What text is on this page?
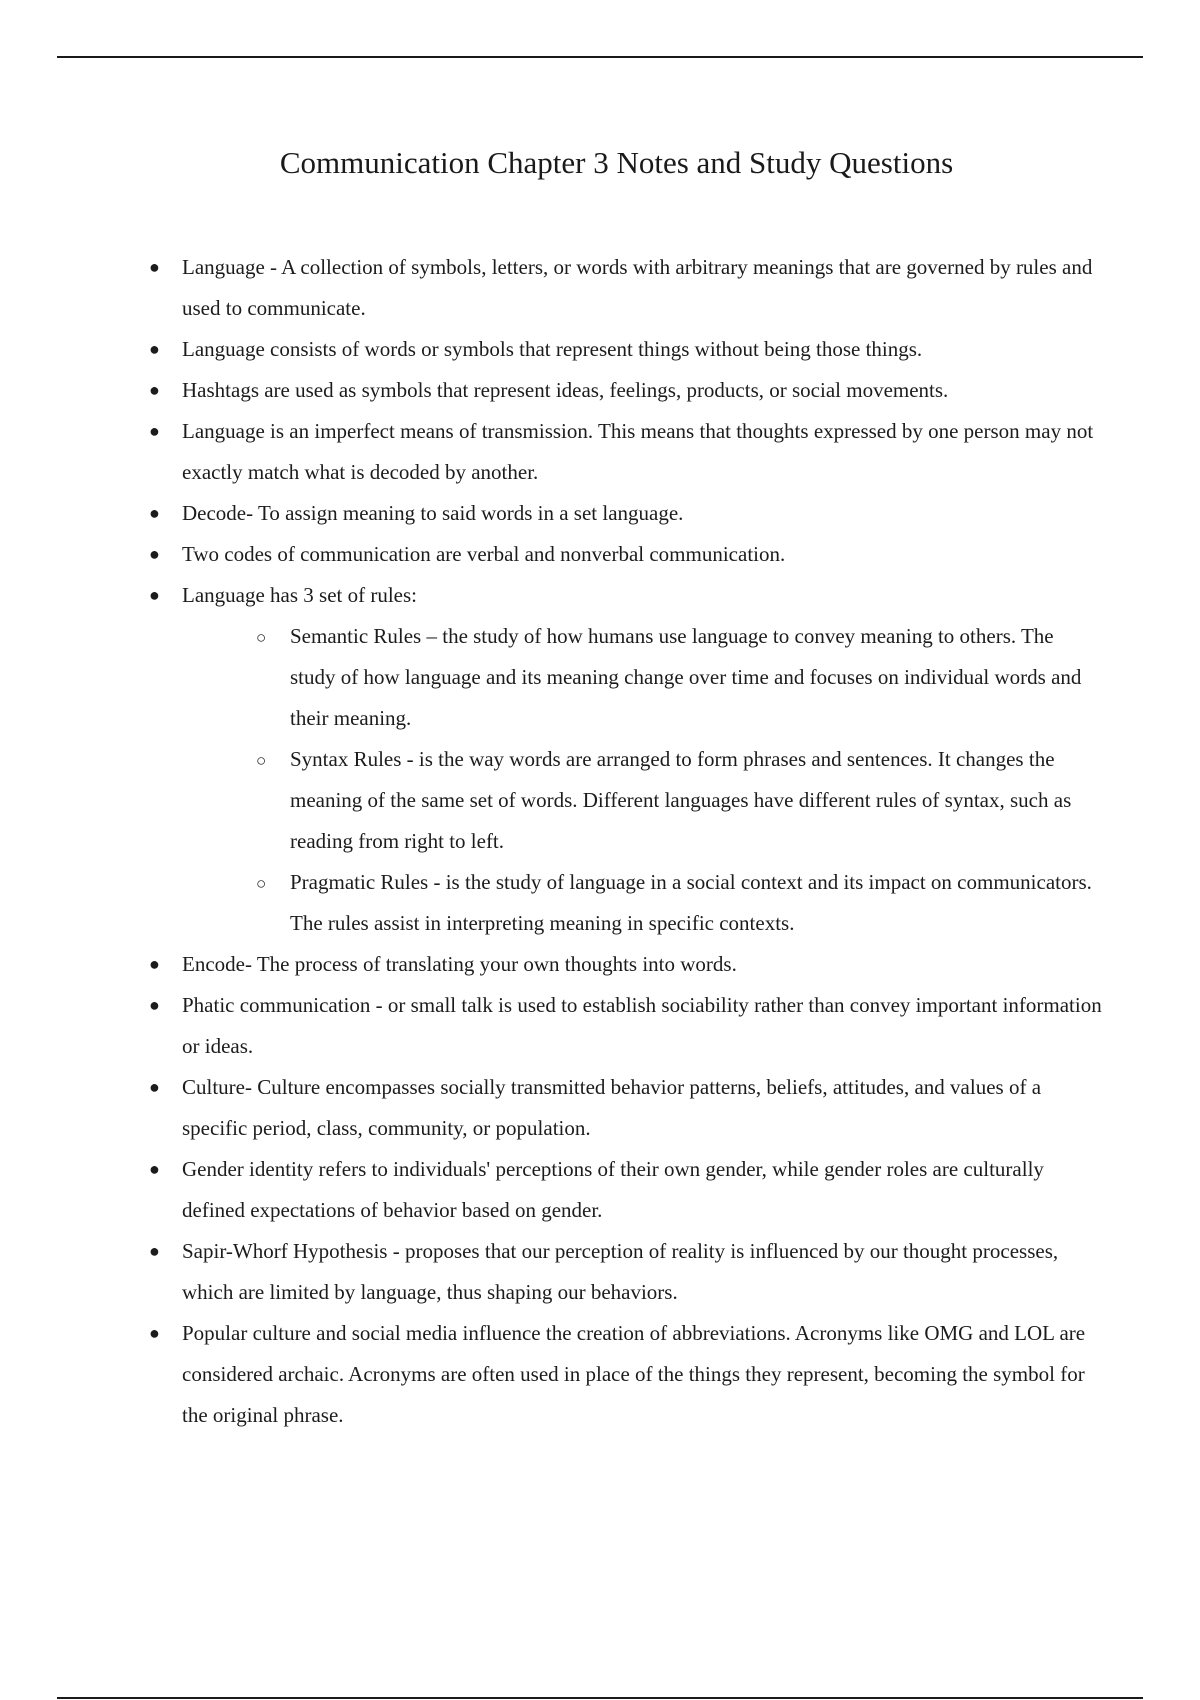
Communication Chapter 3 Notes and Study Questions
● Language - A collection of symbols, letters, or words with arbitrary meanings that are governed by rules and used to communicate.
● Language consists of words or symbols that represent things without being those things.
● Hashtags are used as symbols that represent ideas, feelings, products, or social movements.
● Language is an imperfect means of transmission. This means that thoughts expressed by one person may not exactly match what is decoded by another.
● Decode- To assign meaning to said words in a set language.
● Two codes of communication are verbal and nonverbal communication.
● Language has 3 set of rules:
○ Semantic Rules – the study of how humans use language to convey meaning to others. The study of how language and its meaning change over time and focuses on individual words and their meaning.
○ Syntax Rules - is the way words are arranged to form phrases and sentences. It changes the meaning of the same set of words. Different languages have different rules of syntax, such as reading from right to left.
○ Pragmatic Rules - is the study of language in a social context and its impact on communicators. The rules assist in interpreting meaning in specific contexts.
● Encode- The process of translating your own thoughts into words.
● Phatic communication - or small talk is used to establish sociability rather than convey important information or ideas.
● Culture- Culture encompasses socially transmitted behavior patterns, beliefs, attitudes, and values of a specific period, class, community, or population.
● Gender identity refers to individuals' perceptions of their own gender, while gender roles are culturally defined expectations of behavior based on gender.
● Sapir-Whorf Hypothesis - proposes that our perception of reality is influenced by our thought processes, which are limited by language, thus shaping our behaviors.
● Popular culture and social media influence the creation of abbreviations. Acronyms like OMG and LOL are considered archaic. Acronyms are often used in place of the things they represent, becoming the symbol for the original phrase.
